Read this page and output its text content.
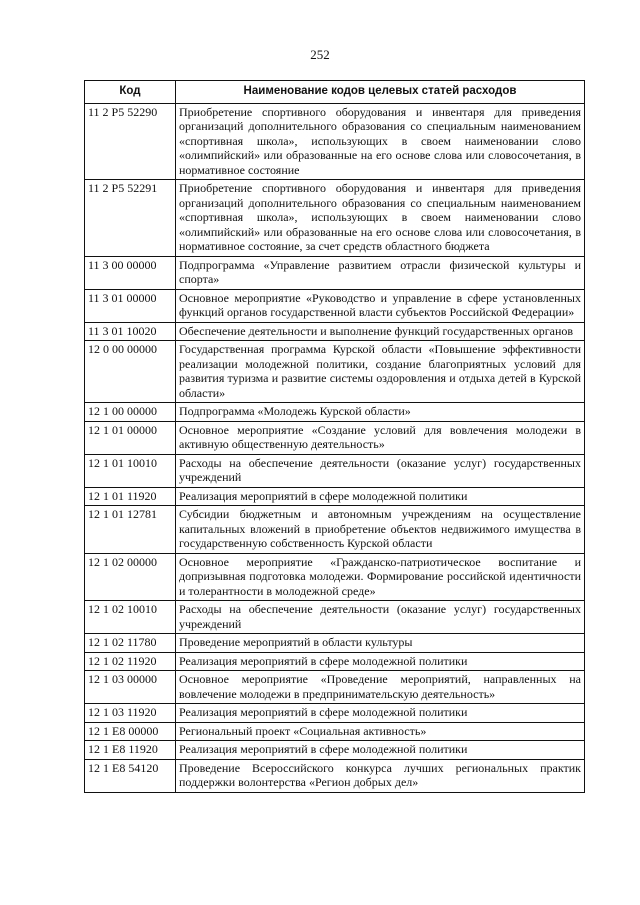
252
Код	Наименование кодов целевых статей расходов
11 2 P5 52290	Приобретение спортивного оборудования и инвентаря для приведения организаций дополнительного образования со специальным наименованием «спортивная школа», использующих в своем наименовании слово «олимпийский» или образованные на его основе слова или словосочетания, в нормативное состояние
11 2 P5 52291	Приобретение спортивного оборудования и инвентаря для приведения организаций дополнительного образования со специальным наименованием «спортивная школа», использующих в своем наименовании слово «олимпийский» или образованные на его основе слова или словосочетания, в нормативное состояние, за счет средств областного бюджета
11 3 00 00000	Подпрограмма «Управление развитием отрасли физической культуры и спорта»
11 3 01 00000	Основное мероприятие «Руководство и управление в сфере установленных функций органов государственной власти субъектов Российской Федерации»
11 3 01 10020	Обеспечение деятельности и выполнение функций государственных органов
12 0 00 00000	Государственная программа Курской области «Повышение эффективности реализации молодежной политики, создание благоприятных условий для развития туризма и развитие системы оздоровления и отдыха детей в Курской области»
12 1 00 00000	Подпрограмма «Молодежь Курской области»
12 1 01 00000	Основное мероприятие «Создание условий для вовлечения молодежи в активную общественную деятельность»
12 1 01 10010	Расходы на обеспечение деятельности (оказание услуг) государственных учреждений
12 1 01 11920	Реализация мероприятий в сфере молодежной политики
12 1 01 12781	Субсидии бюджетным и автономным учреждениям на осуществление капитальных вложений в приобретение объектов недвижимого имущества в государственную собственность Курской области
12 1 02 00000	Основное мероприятие «Гражданско-патриотическое воспитание и допризывная подготовка молодежи. Формирование российской идентичности и толерантности в молодежной среде»
12 1 02 10010	Расходы на обеспечение деятельности (оказание услуг) государственных учреждений
12 1 02 11780	Проведение мероприятий в области культуры
12 1 02 11920	Реализация мероприятий в сфере молодежной политики
12 1 03 00000	Основное мероприятие «Проведение мероприятий, направленных на вовлечение молодежи в предпринимательскую деятельность»
12 1 03 11920	Реализация мероприятий в сфере молодежной политики
12 1 E8 00000	Региональный проект «Социальная активность»
12 1 E8 11920	Реализация мероприятий в сфере молодежной политики
12 1 E8 54120	Проведение Всероссийского конкурса лучших региональных практик поддержки волонтерства «Регион добрых дел»
